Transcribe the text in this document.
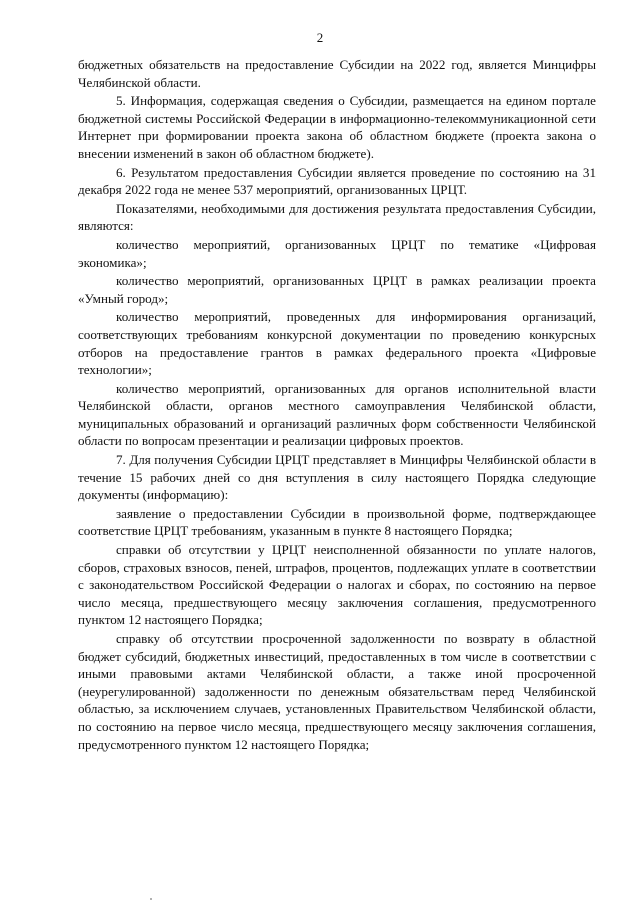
2

бюджетных обязательств на предоставление Субсидии на 2022 год, является Минцифры Челябинской области.

5. Информация, содержащая сведения о Субсидии, размещается на едином портале бюджетной системы Российской Федерации в информационно-телекоммуникационной сети Интернет при формировании проекта закона об областном бюджете (проекта закона о внесении изменений в закон об областном бюджете).

6. Результатом предоставления Субсидии является проведение по состоянию на 31 декабря 2022 года не менее 537 мероприятий, организованных ЦРЦТ.

Показателями, необходимыми для достижения результата предоставления Субсидии, являются:

количество мероприятий, организованных ЦРЦТ по тематике «Цифровая экономика»;

количество мероприятий, организованных ЦРЦТ в рамках реализации проекта «Умный город»;

количество мероприятий, проведенных для информирования организаций, соответствующих требованиям конкурсной документации по проведению конкурсных отборов на предоставление грантов в рамках федерального проекта «Цифровые технологии»;

количество мероприятий, организованных для органов исполнительной власти Челябинской области, органов местного самоуправления Челябинской области, муниципальных образований и организаций различных форм собственности Челябинской области по вопросам презентации и реализации цифровых проектов.

7. Для получения Субсидии ЦРЦТ представляет в Минцифры Челябинской области в течение 15 рабочих дней со дня вступления в силу настоящего Порядка следующие документы (информацию):

заявление о предоставлении Субсидии в произвольной форме, подтверждающее соответствие ЦРЦТ требованиям, указанным в пункте 8 настоящего Порядка;

справки об отсутствии у ЦРЦТ неисполненной обязанности по уплате налогов, сборов, страховых взносов, пеней, штрафов, процентов, подлежащих уплате в соответствии с законодательством Российской Федерации о налогах и сборах, по состоянию на первое число месяца, предшествующего месяцу заключения соглашения, предусмотренного пунктом 12 настоящего Порядка;

справку об отсутствии просроченной задолженности по возврату в областной бюджет субсидий, бюджетных инвестиций, предоставленных в том числе в соответствии с иными правовыми актами Челябинской области, а также иной просроченной (неурегулированной) задолженности по денежным обязательствам перед Челябинской областью, за исключением случаев, установленных Правительством Челябинской области, по состоянию на первое число месяца, предшествующего месяцу заключения соглашения, предусмотренного пунктом 12 настоящего Порядка;
